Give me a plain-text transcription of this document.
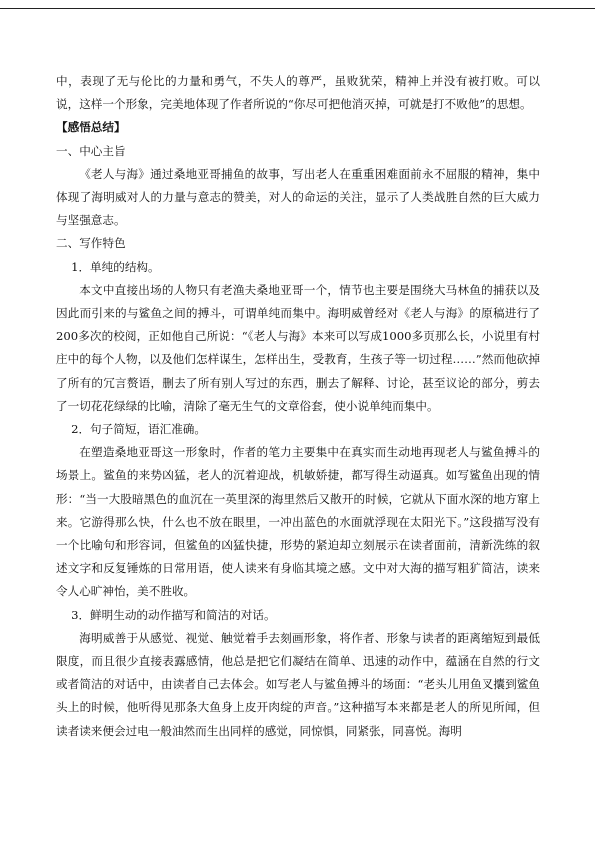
中，表现了无与伦比的力量和勇气，不失人的尊严，虽败犹荣，精神上并没有被打败。可以说，这样一个形象，完美地体现了作者所说的“你尽可把他消灭掉，可就是打不败他”的思想。

【感悟总结】

一、中心主旨

《老人与海》通过桑地亚哥捕鱼的故事，写出老人在重重困难面前永不屈服的精神，集中体现了海明威对人的力量与意志的赞美，对人的命运的关注，显示了人类战胜自然的巨大威力与坚强意志。

二、写作特色

1．单纯的结构。

本文中直接出场的人物只有老渔夫桑地亚哥一个，情节也主要是围绕大马林鱼的捕获以及因此而引来的与鲨鱼之间的搏斗，可谓单纯而集中。海明威曾经对《老人与海》的原稿进行了200多次的校阅，正如他自己所说：“《老人与海》本来可以写成1000多页那么长，小说里有村庄中的每个人物，以及他们怎样谋生，怎样出生，受教育，生孩子等一切过程……”然而他砍掉了所有的冗言赘语，删去了所有别人写过的东西，删去了解释、讨论，甚至议论的部分，剪去了一切花花绿绿的比喻，清除了毫无生气的文章俗套，使小说单纯而集中。

2．句子简短，语汇准确。

在塑造桑地亚哥这一形象时，作者的笔力主要集中在真实而生动地再现老人与鲨鱼搏斗的场景上。鲨鱼的来势凶猛，老人的沉着迎战，机敏娇捷，都写得生动逼真。如写鲨鱼出现的情形：“当一大股暗黑色的血沉在一英里深的海里然后又散开的时候，它就从下面水深的地方窜上来。它游得那么快，什么也不放在眼里，一冲出蓝色的水面就浮现在太阳光下。”这段描写没有一个比喻句和形容词，但鲨鱼的凶猛快捷，形势的紧迫却立刻展示在读者面前，清新洗练的叙述文字和反复锤炼的日常用语，使人读来有身临其境之感。文中对大海的描写粗犷简洁，读来令人心旷神怡，美不胜收。

3．鲜明生动的动作描写和简洁的对话。

海明威善于从感觉、视觉、触觉着手去刻画形象，将作者、形象与读者的距离缩短到最低限度，而且很少直接表露感情，他总是把它们凝结在简单、迅速的动作中，蕴涵在自然的行文或者简洁的对话中，由读者自己去体会。如写老人与鲨鱼搏斗的场面：“老头儿用鱼叉攮到鲨鱼头上的时候，他听得见那条大鱼身上皮开肉绽的声音。”这种描写本来都是老人的所见所闻，但读者读来便会过电一般油然而生出同样的感觉，同惊惧，同紧张，同喜悦。海明
